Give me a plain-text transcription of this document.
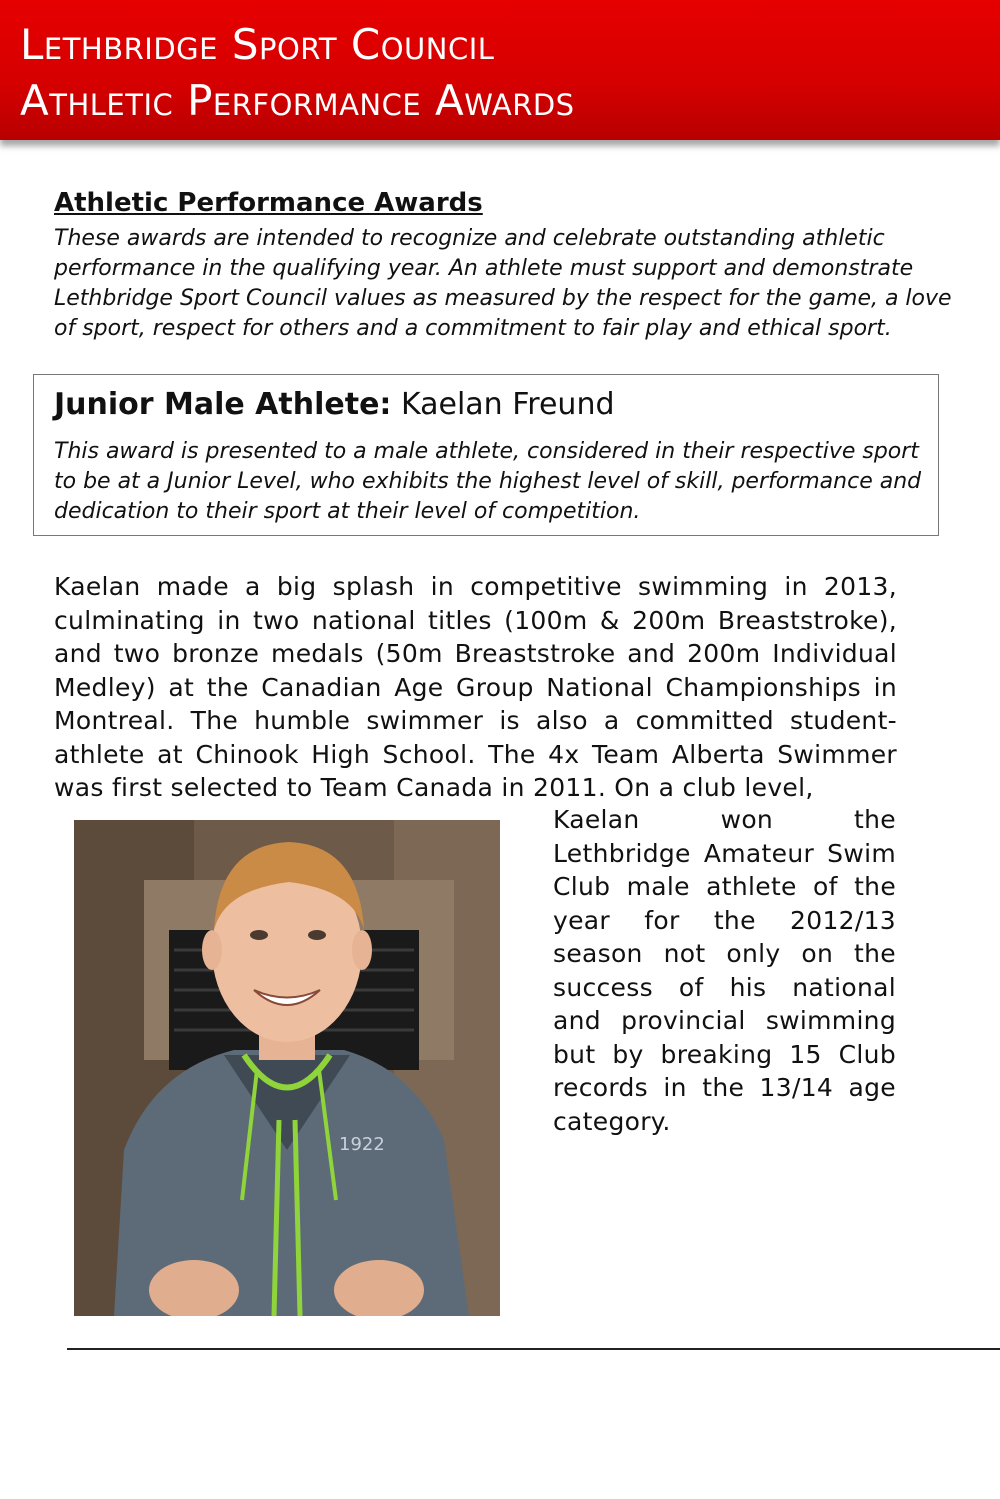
Lethbridge Sport Council
Athletic Performance Awards
Athletic Performance Awards
These awards are intended to recognize and celebrate outstanding athletic performance in the qualifying year. An athlete must support and demonstrate Lethbridge Sport Council values as measured by the respect for the game, a love of sport, respect for others and a commitment to fair play and ethical sport.
Junior Male Athlete: Kaelan Freund
This award is presented to a male athlete, considered in their respective sport to be at a Junior Level, who exhibits the highest level of skill, performance and dedication to their sport at their level of competition.
Kaelan made a big splash in competitive swimming in 2013, culminating in two national titles (100m & 200m Breaststroke), and two bronze medals (50m Breaststroke and 200m Individual Medley) at the Canadian Age Group National Championships in Montreal. The humble swimmer is also a committed student-athlete at Chinook High School. The 4x Team Alberta Swimmer was first selected to Team Canada in 2011. On a club level,
1922
Kaelan won the Lethbridge Amateur Swim Club male athlete of the year for the 2012/13 season not only on the success of his national and provincial swimming but by breaking 15 Club records in the 13/14 age category.
